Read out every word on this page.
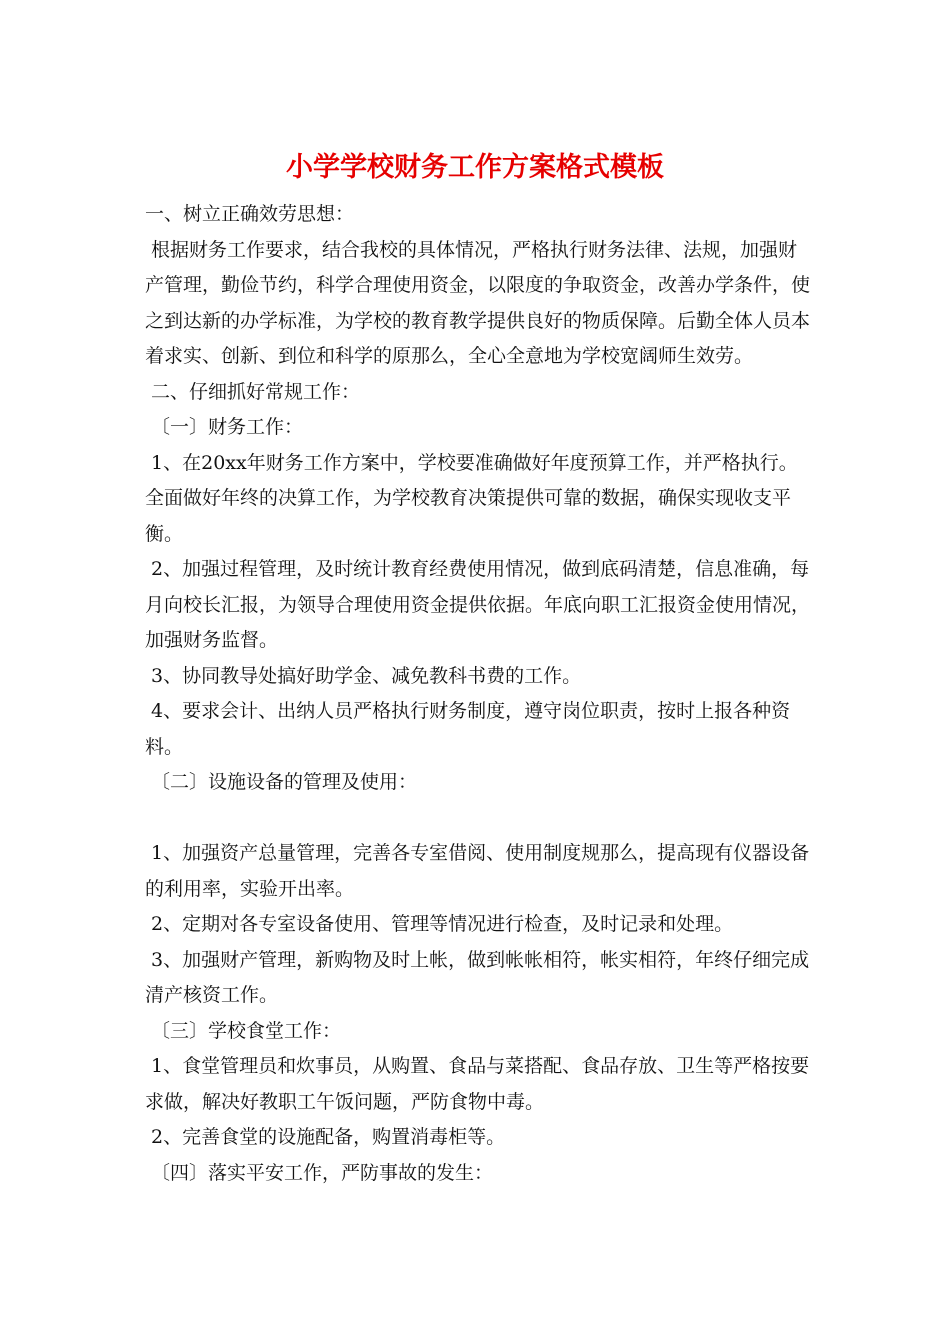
小学学校财务工作方案格式模板

一、树立正确效劳思想：

根据财务工作要求，结合我校的具体情况，严格执行财务法律、法规，加强财产管理，勤俭节约，科学合理使用资金，以限度的争取资金，改善办学条件，使之到达新的办学标准，为学校的教育教学提供良好的物质保障。后勤全体人员本着求实、创新、到位和科学的原那么，全心全意地为学校宽阔师生效劳。

二、仔细抓好常规工作：

〔一〕财务工作：

1、在20xx年财务工作方案中，学校要准确做好年度预算工作，并严格执行。全面做好年终的决算工作，为学校教育决策提供可靠的数据，确保实现收支平衡。

2、加强过程管理，及时统计教育经费使用情况，做到底码清楚，信息准确，每月向校长汇报，为领导合理使用资金提供依据。年底向职工汇报资金使用情况，加强财务监督。

3、协同教导处搞好助学金、减免教科书费的工作。

4、要求会计、出纳人员严格执行财务制度，遵守岗位职责，按时上报各种资料。

〔二〕设施设备的管理及使用：

1、加强资产总量管理，完善各专室借阅、使用制度规那么，提高现有仪器设备的利用率，实验开出率。

2、定期对各专室设备使用、管理等情况进行检查，及时记录和处理。

3、加强财产管理，新购物及时上帐，做到帐帐相符，帐实相符，年终仔细完成清产核资工作。

〔三〕学校食堂工作：

1、食堂管理员和炊事员，从购置、食品与菜搭配、食品存放、卫生等严格按要求做，解决好教职工午饭问题，严防食物中毒。

2、完善食堂的设施配备，购置消毒柜等。

〔四〕落实平安工作，严防事故的发生：
